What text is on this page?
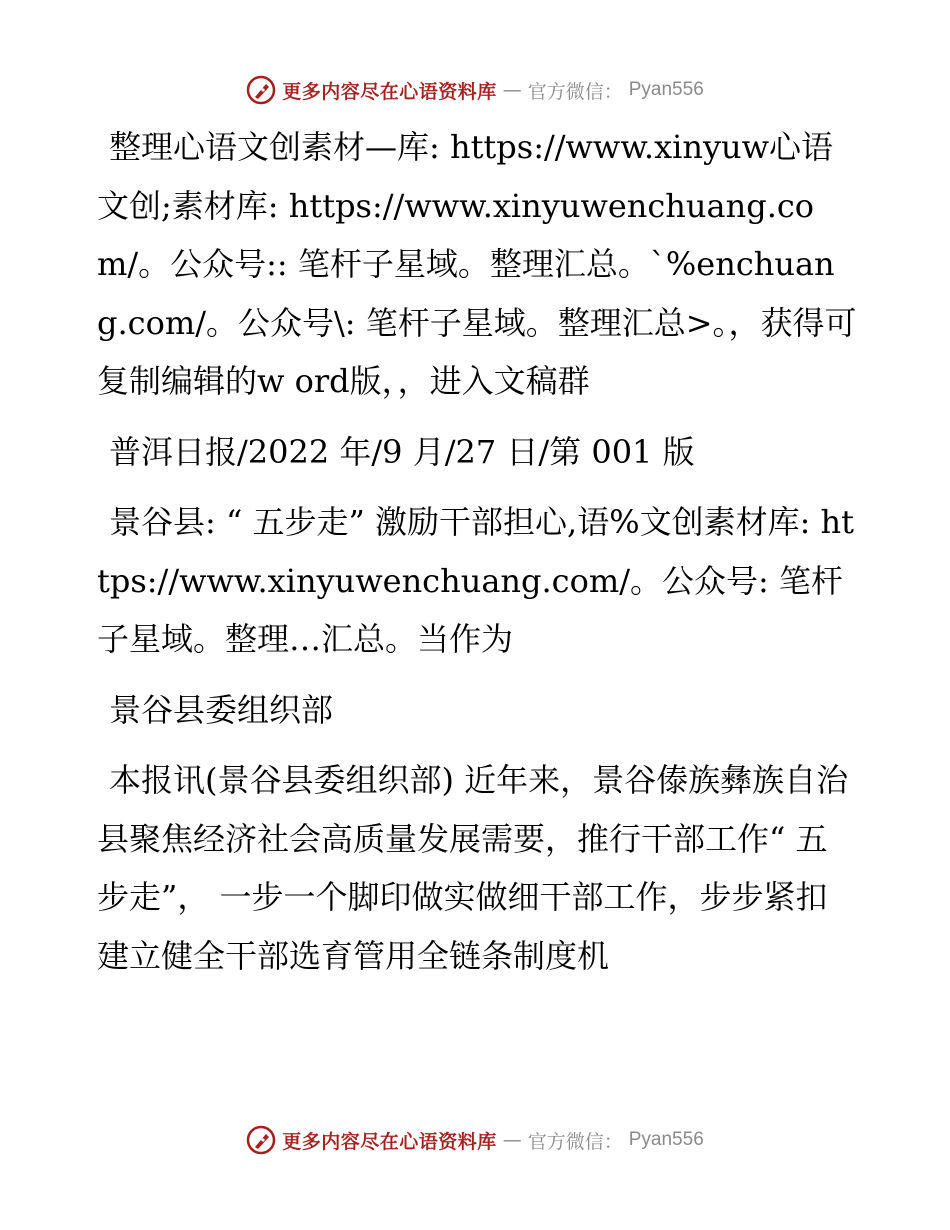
更多内容尽在心语资料库 — 官方微信： Pyan556

整理心语文创素材—库: https://www.xinyuw心语文创;素材库: https://www.xinyuwenchuang.com/。公众号:: 笔杆子星域。整理汇总。`%enchuang.com/。公众号\: 笔杆子星域。整理汇总>。，获得可复制编辑的w ord版，，进入文稿群

普洱日报/2022 年/9 月/27 日/第 001 版

景谷县: “ 五步走” 激励干部担心,语%文创素材库: https://www.xinyuwenchuang.com/。公众号: 笔杆子星域。整理…汇总。当作为

景谷县委组织部

本报讯(景谷县委组织部) 近年来，景谷傣族彝族自治县聚焦经济社会高质量发展需要，推行干部工作“ 五步走”， 一步一个脚印做实做细干部工作，步步紧扣建立健全干部选育管用全链条制度机

更多内容尽在心语资料库 — 官方微信： Pyan556
